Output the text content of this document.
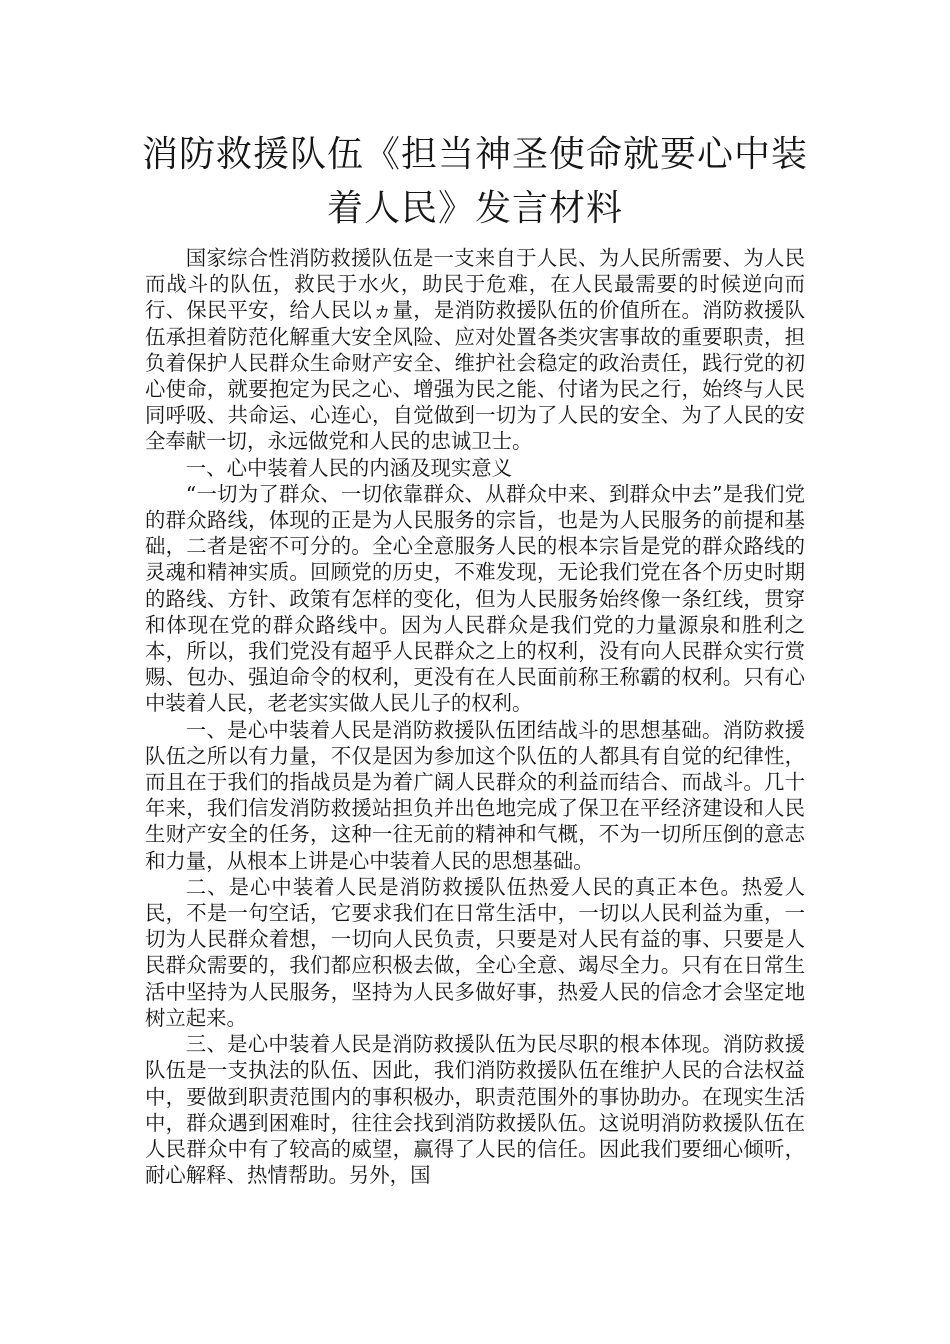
消防救援队伍《担当神圣使命就要心中装
着人民》发言材料

国家综合性消防救援队伍是一支来自于人民、为人民所需要、为人民而战斗的队伍，救民于水火，助民于危难，在人民最需要的时候逆向而行、保民平安，给人民以ヵ量，是消防救援队伍的价值所在。消防救援队伍承担着防范化解重大安全风险、应对处置各类灾害事故的重要职责，担负着保护人民群众生命财产安全、维护社会稳定的政治责任，践行党的初心使命，就要抱定为民之心、增强为民之能、付诸为民之行，始终与人民同呼吸、共命运、心连心，自觉做到一切为了人民的安全、为了人民的安全奉献一切，永远做党和人民的忠诚卫士。

一、心中装着人民的内涵及现实意义

“一切为了群众、一切依靠群众、从群众中来、到群众中去”是我们党的群众路线，体现的正是为人民服务的宗旨，也是为人民服务的前提和基础，二者是密不可分的。全心全意服务人民的根本宗旨是党的群众路线的灵魂和精神实质。回顾党的历史，不难发现，无论我们党在各个历史时期的路线、方针、政策有怎样的变化，但为人民服务始终像一条红线，贯穿和体现在党的群众路线中。因为人民群众是我们党的力量源泉和胜利之本，所以，我们党没有超乎人民群众之上的权利，没有向人民群众实行赏赐、包办、强迫命令的权利，更没有在人民面前称王称霸的权利。只有心中装着人民，老老实实做人民儿子的权利。

一、是心中装着人民是消防救援队伍团结战斗的思想基础。消防救援队伍之所以有力量，不仅是因为参加这个队伍的人都具有自觉的纪律性，而且在于我们的指战员是为着广阔人民群众的利益而结合、而战斗。几十年来，我们信发消防救援站担负并出色地完成了保卫在平经济建设和人民生财产安全的任务，这种一往无前的精神和气概，不为一切所压倒的意志和力量，从根本上讲是心中装着人民的思想基础。

二、是心中装着人民是消防救援队伍热爱人民的真正本色。热爱人民，不是一句空话，它要求我们在日常生活中，一切以人民利益为重，一切为人民群众着想，一切向人民负责，只要是对人民有益的事、只要是人民群众需要的，我们都应积极去做，全心全意、竭尽全力。只有在日常生活中坚持为人民服务，坚持为人民多做好事，热爱人民的信念才会坚定地树立起来。

三、是心中装着人民是消防救援队伍为民尽职的根本体现。消防救援队伍是一支执法的队伍、因此，我们消防救援队伍在维护人民的合法权益中，要做到职责范围内的事积极办，职责范围外的事协助办。在现实生活中，群众遇到困难时，往往会找到消防救援队伍。这说明消防救援队伍在人民群众中有了较高的威望，赢得了人民的信任。因此我们要细心倾听，耐心解释、热情帮助。另外，国
